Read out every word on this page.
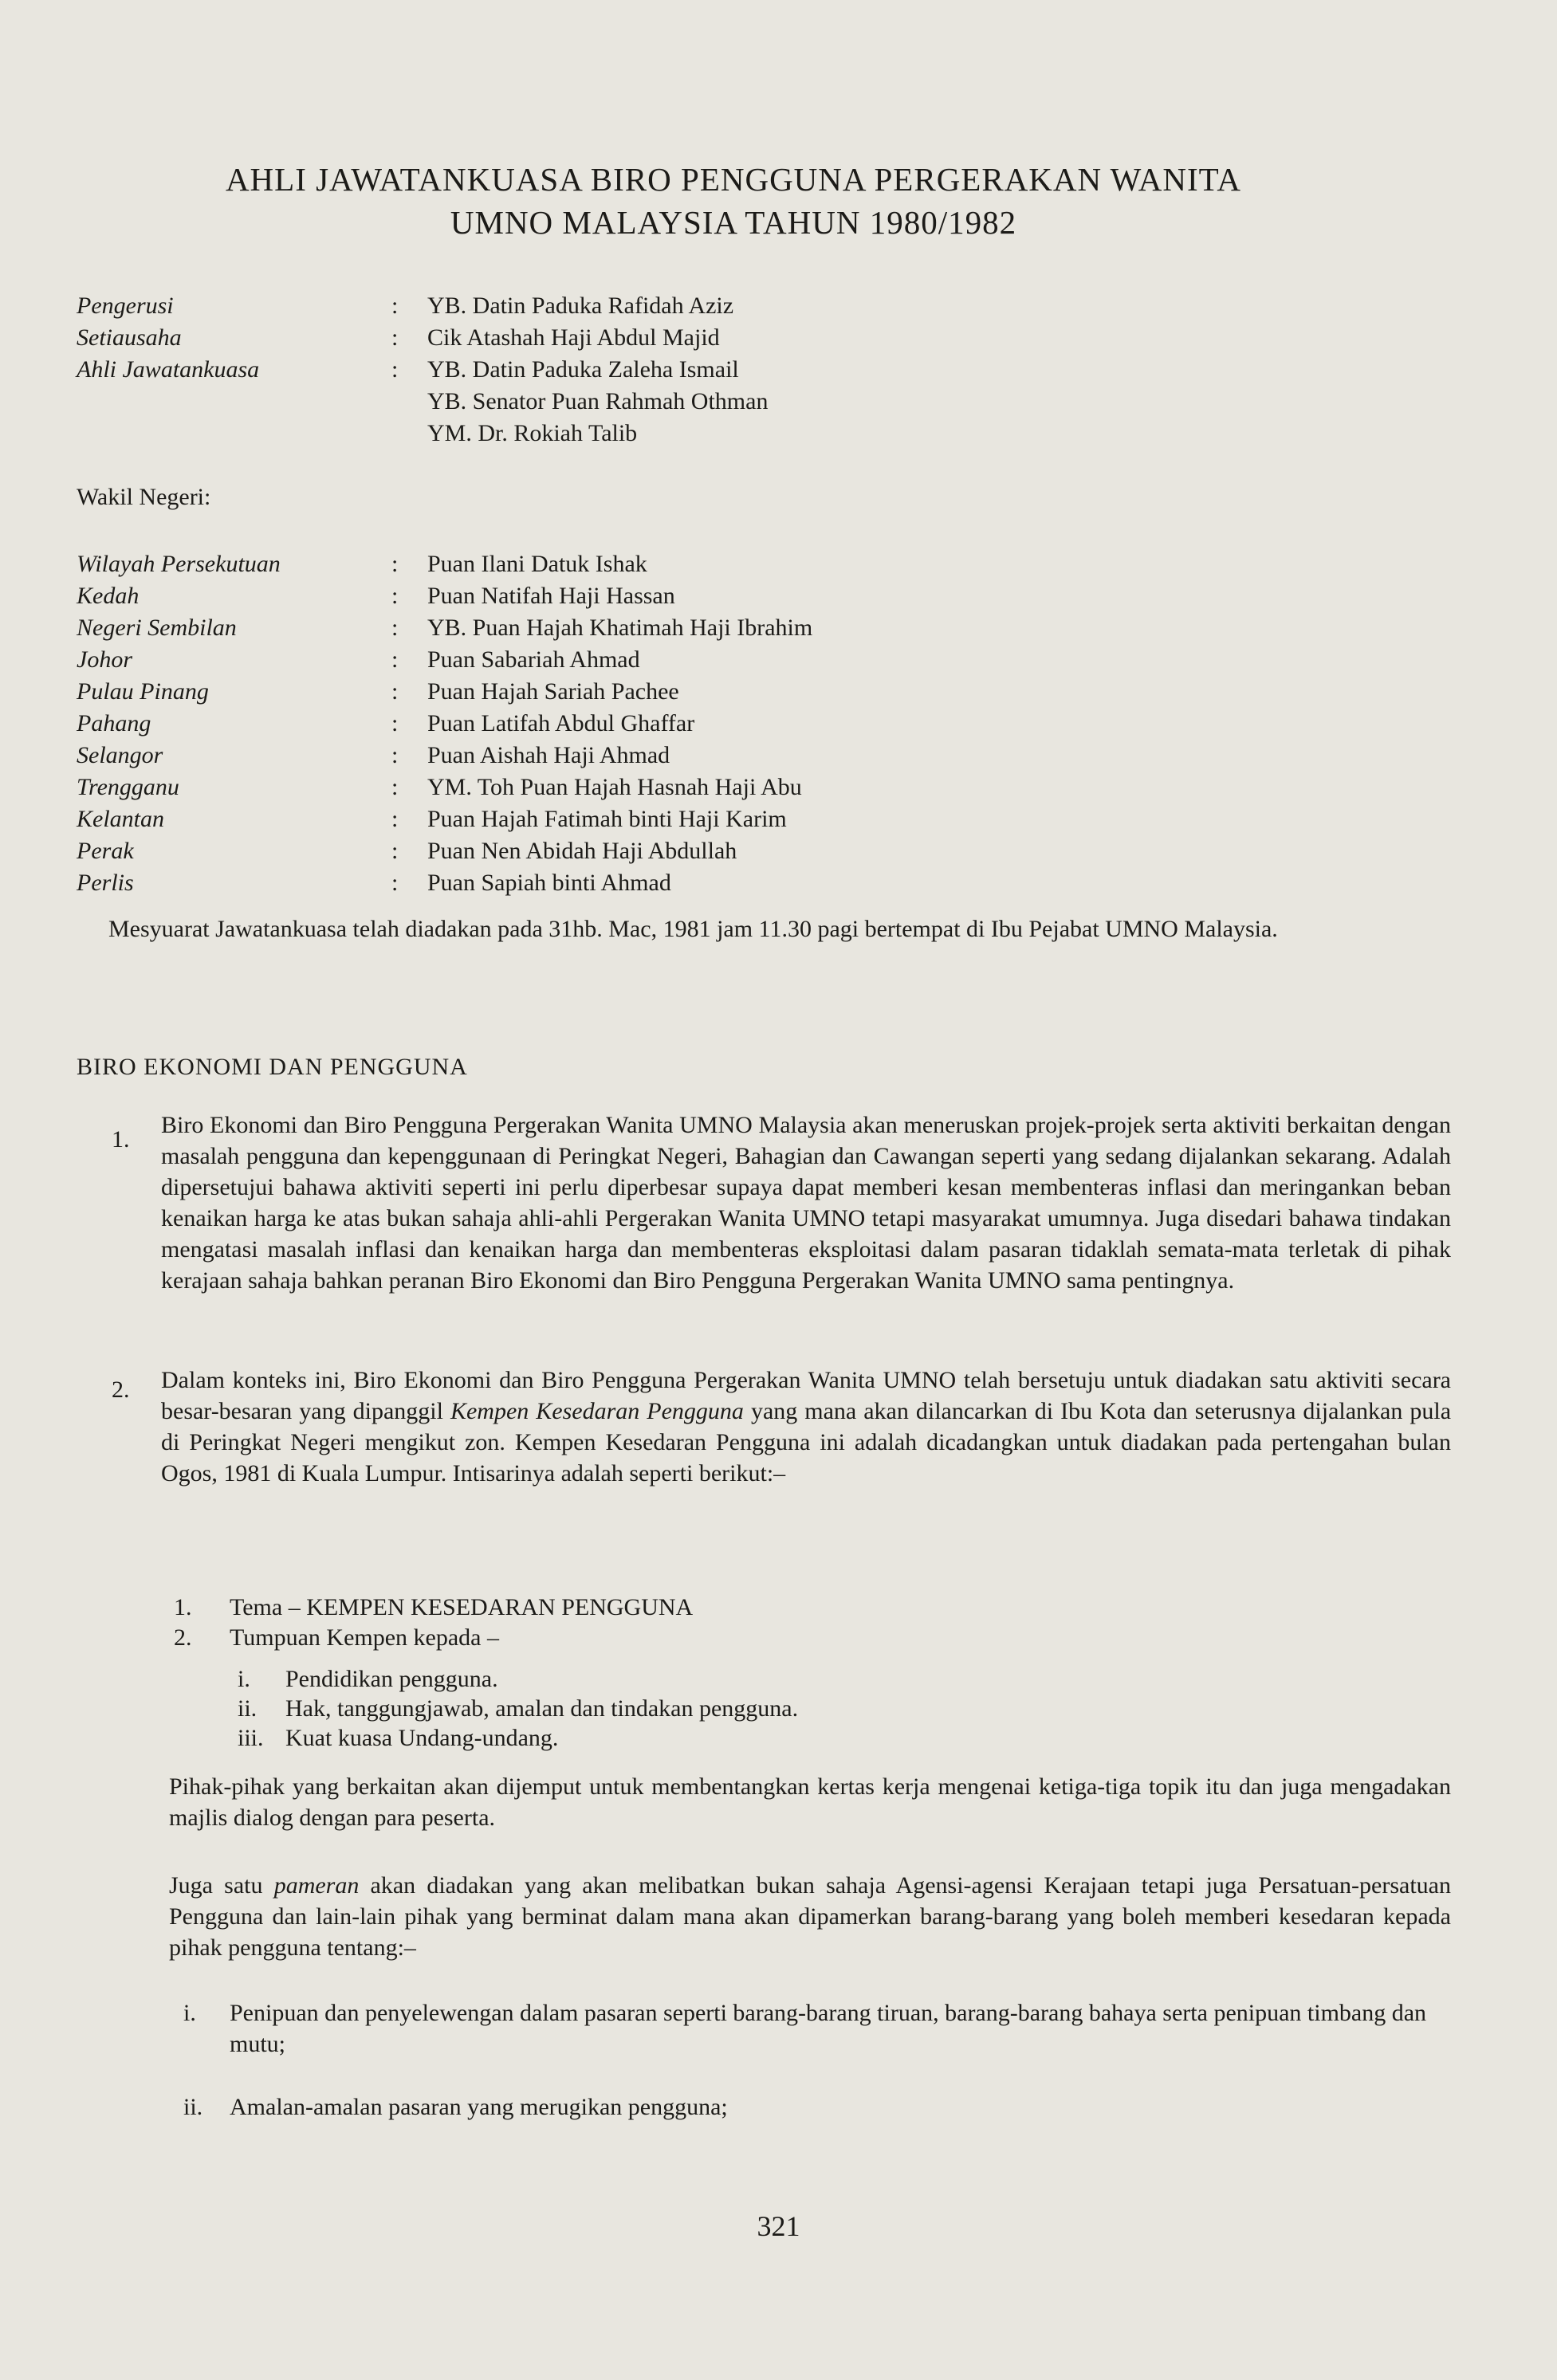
AHLI JAWATANKUASA BIRO PENGGUNA PERGERAKAN WANITA
UMNO MALAYSIA TAHUN 1980/1982
Pengerusi	:	YB. Datin Paduka Rafidah Aziz
Setiausaha	:	Cik Atashah Haji Abdul Majid
Ahli Jawatankuasa	:	YB. Datin Paduka Zaleha Ismail
YB. Senator Puan Rahmah Othman
YM. Dr. Rokiah Talib
Wakil Negeri:
Wilayah Persekutuan	:	Puan Ilani Datuk Ishak
Kedah	:	Puan Natifah Haji Hassan
Negeri Sembilan	:	YB. Puan Hajah Khatimah Haji Ibrahim
Johor	:	Puan Sabariah Ahmad
Pulau Pinang	:	Puan Hajah Sariah Pachee
Pahang	:	Puan Latifah Abdul Ghaffar
Selangor	:	Puan Aishah Haji Ahmad
Trengganu	:	YM. Toh Puan Hajah Hasnah Haji Abu
Kelantan	:	Puan Hajah Fatimah binti Haji Karim
Perak	:	Puan Nen Abidah Haji Abdullah
Perlis	:	Puan Sapiah binti Ahmad
Mesyuarat Jawatankuasa telah diadakan pada 31hb. Mac, 1981 jam 11.30 pagi bertempat di Ibu Pejabat UMNO Malaysia.
BIRO EKONOMI DAN PENGGUNA
1.
Biro Ekonomi dan Biro Pengguna Pergerakan Wanita UMNO Malaysia akan meneruskan projek-projek serta aktiviti berkaitan dengan masalah pengguna dan kepenggunaan di Peringkat Negeri, Bahagian dan Cawangan seperti yang sedang dijalankan sekarang. Adalah dipersetujui bahawa aktiviti seperti ini perlu diperbesar supaya dapat memberi kesan membenteras inflasi dan meringankan beban kenaikan harga ke atas bukan sahaja ahli-ahli Pergerakan Wanita UMNO tetapi masyarakat umumnya. Juga disedari bahawa tindakan mengatasi masalah inflasi dan kenaikan harga dan membenteras eksploitasi dalam pasaran tidaklah semata-mata terletak di pihak kerajaan sahaja bahkan peranan Biro Ekonomi dan Biro Pengguna Pergerakan Wanita UMNO sama pentingnya.
2. Dalam konteks ini, Biro Ekonomi dan Biro Pengguna Pergerakan Wanita UMNO telah bersetuju untuk diadakan satu aktiviti secara besar-besaran yang dipanggil Kempen Kesedaran Pengguna yang mana akan dilancarkan di Ibu Kota dan seterusnya dijalankan pula di Peringkat Negeri mengikut zon. Kempen Kesedaran Pengguna ini adalah dicadangkan untuk diadakan pada pertengahan bulan Ogos, 1981 di Kuala Lumpur. Intisarinya adalah seperti berikut:–
1.	Tema – KEMPEN KESEDARAN PENGGUNA
2.	Tumpuan Kempen kepada –
i.	Pendidikan pengguna.
ii.	Hak, tanggungjawab, amalan dan tindakan pengguna.
iii. Kuat kuasa Undang-undang.
Pihak-pihak yang berkaitan akan dijemput untuk membentangkan kertas kerja mengenai ketiga-tiga topik itu dan juga mengadakan majlis dialog dengan para peserta.
Juga satu pameran akan diadakan yang akan melibatkan bukan sahaja Agensi-agensi Kerajaan tetapi juga Persatuan-persatuan Pengguna dan lain-lain pihak yang berminat dalam mana akan dipamerkan barang-barang yang boleh memberi kesedaran kepada pihak pengguna tentang:–
i.	Penipuan dan penyelewengan dalam pasaran seperti barang-barang tiruan, barang-barang bahaya serta penipuan timbang dan mutu;
ii.	Amalan-amalan pasaran yang merugikan pengguna;
321
